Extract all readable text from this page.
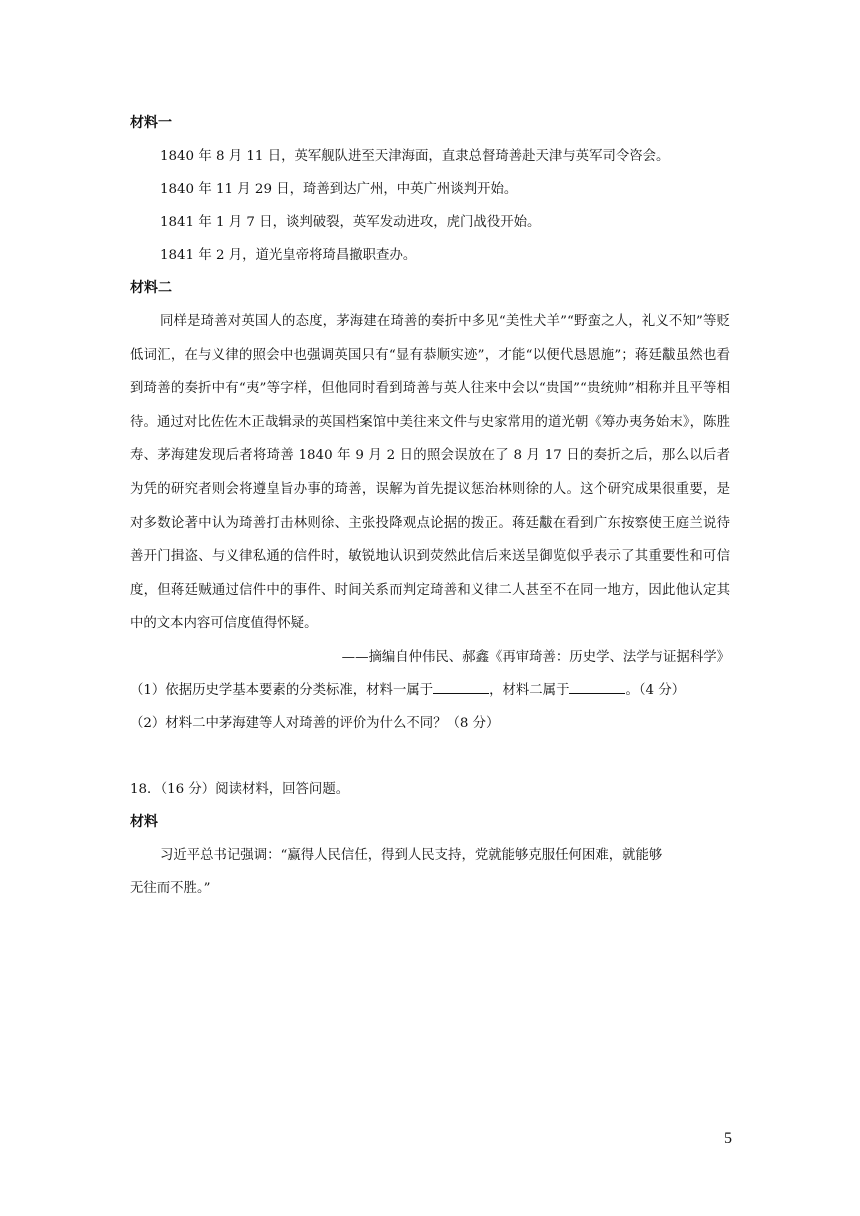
材料一
1840 年 8 月 11 日，英军舰队进至天津海面，直隶总督琦善赴天津与英军司令咨会。
1840 年 11 月 29 日，琦善到达广州，中英广州谈判开始。
1841 年 1 月 7 日，谈判破裂，英军发动进攻，虎门战役开始。
1841 年 2 月，道光皇帝将琦昌撤职查办。
材料二
同样是琦善对英国人的态度，茅海建在琦善的奏折中多见“美性犬羊”“野蛮之人，礼义不知”等贬低词汇，在与义律的照会中也强调英国只有“显有恭顺实迹”，才能“以便代恳恩施”；蒋廷黻虽然也看到琦善的奏折中有“夷”等字样，但他同时看到琦善与英人往来中会以“贵国”“贵统帅”相称并且平等相待。通过对比佐佐木正哉辑录的英国档案馆中美往来文件与史家常用的道光朝《筹办夷务始末》，陈胜寿、茅海建发现后者将琦善 1840 年 9 月 2 日的照会误放在了 8 月 17 日的奏折之后，那么以后者为凭的研究者则会将遵皇旨办事的琦善，误解为首先提议惩治林则徐的人。这个研究成果很重要，是对多数论著中认为琦善打击林则徐、主张投降观点论据的拨正。蒋廷黻在看到广东按察使王庭兰说待善开门揖盗、与义律私通的信件时，敏锐地认识到荧然此信后来送呈御览似乎表示了其重要性和可信度，但蒋廷贼通过信件中的事件、时间关系而判定琦善和义律二人甚至不在同一地方，因此他认定其中的文本内容可信度值得怀疑。
——摘编自仲伟民、郝鑫《再审琦善：历史学、法学与证据科学》
（1）依据历史学基本要素的分类标准，材料一属于	，材料二属于	。（4 分）
（2）材料二中茅海建等人对琦善的评价为什么不同？（8 分）
18．（16 分）阅读材料，回答问题。
材料
习近平总书记强调：“赢得人民信任，得到人民支持，党就能够克服任何困难，就能够
无往而不胜。”
5
